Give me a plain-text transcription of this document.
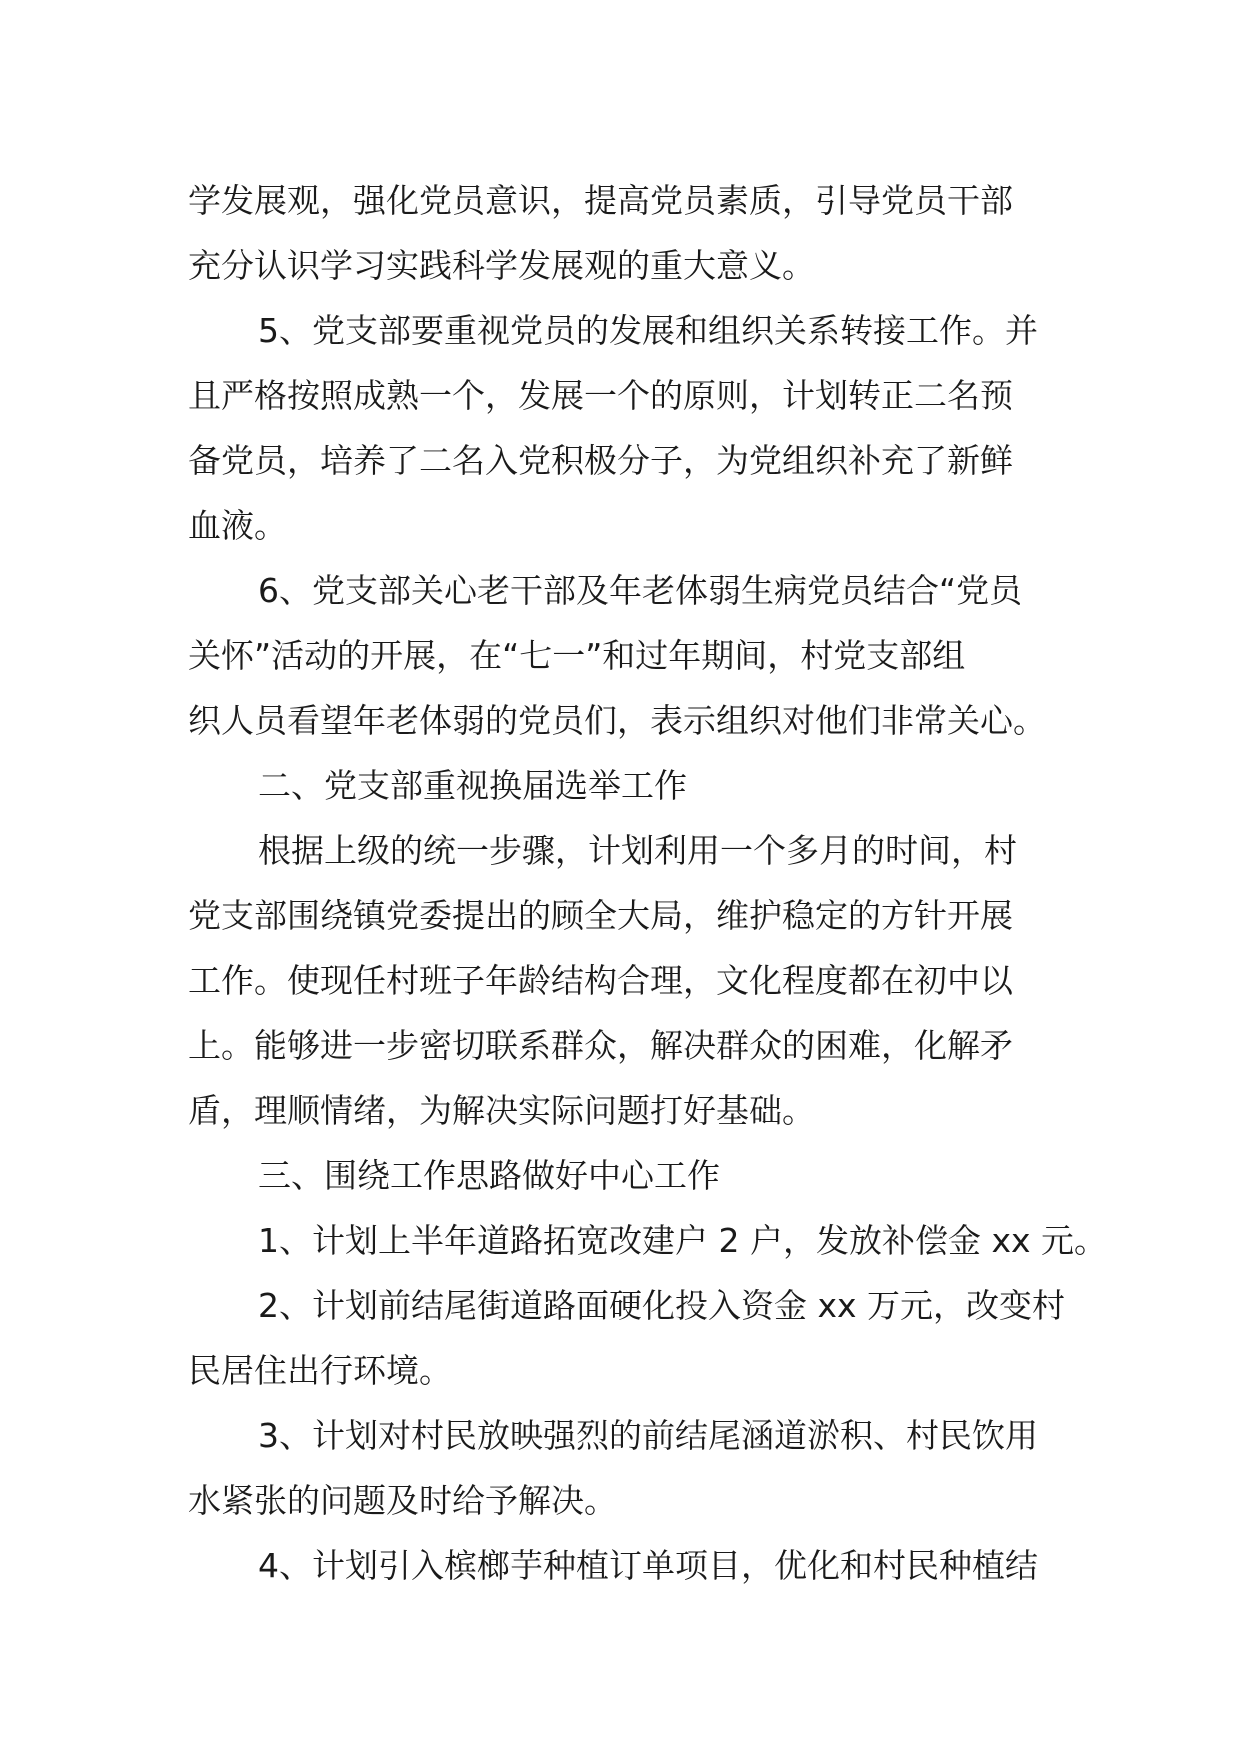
学发展观，强化党员意识，提高党员素质，引导党员干部
充分认识学习实践科学发展观的重大意义。
5、党支部要重视党员的发展和组织关系转接工作。并
且严格按照成熟一个，发展一个的原则，计划转正二名预
备党员，培养了二名入党积极分子，为党组织补充了新鲜
血液。
6、党支部关心老干部及年老体弱生病党员结合“党员
关怀”活动的开展，在“七一”和过年期间，村党支部组
织人员看望年老体弱的党员们，表示组织对他们非常关心。
二、党支部重视换届选举工作
根据上级的统一步骤，计划利用一个多月的时间，村
党支部围绕镇党委提出的顾全大局，维护稳定的方针开展
工作。使现任村班子年龄结构合理，文化程度都在初中以
上。能够进一步密切联系群众，解决群众的困难，化解矛
盾，理顺情绪，为解决实际问题打好基础。
三、围绕工作思路做好中心工作
1、计划上半年道路拓宽改建户 2 户，发放补偿金 xx 元。
2、计划前结尾街道路面硬化投入资金 xx 万元，改变村
民居住出行环境。
3、计划对村民放映强烈的前结尾涵道淤积、村民饮用
水紧张的问题及时给予解决。
4、计划引入槟榔芋种植订单项目，优化和村民种植结
